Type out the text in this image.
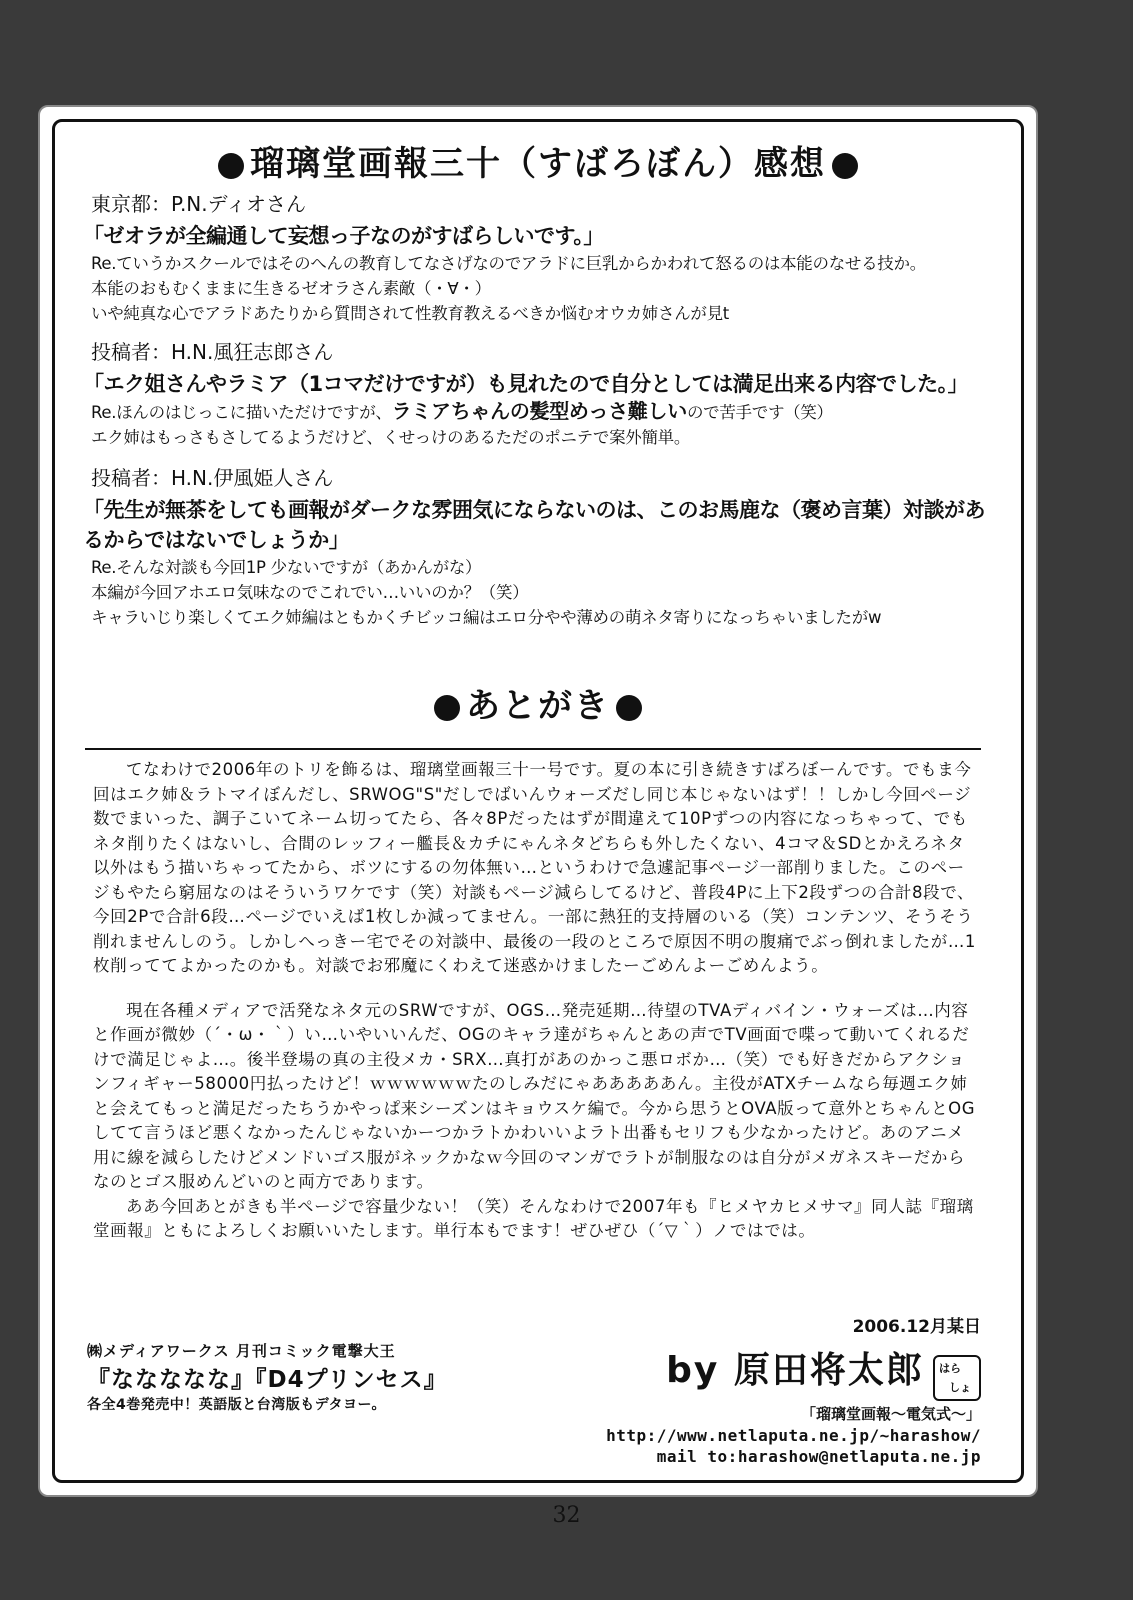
瑠璃堂画報三十（すばろぼん）感想
東京都：P.N.ディオさん
「ゼオラが全編通して妄想っ子なのがすばらしいです。」
Re.ていうかスクールではそのへんの教育してなさげなのでアラドに巨乳からかわれて怒るのは本能のなせる技か。
本能のおもむくままに生きるゼオラさん素敵（・∀・）
いや純真な心でアラドあたりから質問されて性教育教えるべきか悩むオウカ姉さんが見t
投稿者：H.N.風狂志郎さん
「エク姐さんやラミア（1コマだけですが）も見れたので自分としては満足出来る内容でした。」
Re.ほんのはじっこに描いただけですが、ラミアちゃんの髪型めっさ難しいので苦手です（笑）
エク姉はもっさもさしてるようだけど、くせっけのあるただのポニテで案外簡単。
投稿者：H.N.伊風姫人さん
「先生が無茶をしても画報がダークな雰囲気にならないのは、このお馬鹿な（褒め言葉）対談があるからではないでしょうか」
Re.そんな対談も今回1P 少ないですが（あかんがな）
本編が今回アホエロ気味なのでこれでい…いいのか？（笑）
キャラいじり楽しくてエク姉編はともかくチビッコ編はエロ分やや薄めの萌ネタ寄りになっちゃいましたがw
あとがき

てなわけで2006年のトリを飾るは、瑠璃堂画報三十一号です。夏の本に引き続きすばろぼーんです。でもま今回はエク姉＆ラトマイぼんだし、SRWOG"S"だしでばいんウォーズだし同じ本じゃないはず！！しかし今回ページ数でまいった、調子こいてネーム切ってたら、各々8Pだったはずが間違えて10Pずつの内容になっちゃって、でもネタ削りたくはないし、合間のレッフィー艦長＆カチにゃんネタどちらも外したくない、4コマ＆SDとかえろネタ以外はもう描いちゃってたから、ボツにするの勿体無い…というわけで急遽記事ページ一部削りました。このページもやたら窮屈なのはそういうワケです（笑）対談もページ減らしてるけど、普段4Pに上下2段ずつの合計8段で、今回2Pで合計6段…ページでいえば1枚しか減ってません。一部に熱狂的支持層のいる（笑）コンテンツ、そうそう削れませんしのう。しかしへっきー宅でその対談中、最後の一段のところで原因不明の腹痛でぶっ倒れましたが…1枚削っててよかったのかも。対談でお邪魔にくわえて迷惑かけましたーごめんよーごめんよう。

現在各種メディアで活発なネタ元のSRWですが、OGS…発売延期…待望のTVAディバイン・ウォーズは…内容と作画が微妙（´・ω・｀）い…いやいいんだ、OGのキャラ達がちゃんとあの声でTV画面で喋って動いてくれるだけで満足じゃよ…。後半登場の真の主役メカ・SRX…真打があのかっこ悪ロボか…（笑）でも好きだからアクションフィギャー58000円払ったけど！ｗｗｗｗｗｗたのしみだにゃあああああん。主役がATXチームなら毎週エク姉と会えてもっと満足だったちうかやっぱ来シーズンはキョウスケ編で。今から思うとOVA版って意外とちゃんとOGしてて言うほど悪くなかったんじゃないかーつかラトかわいいよラト出番もセリフも少なかったけど。あのアニメ用に線を減らしたけどメンドいゴス服がネックかなｗ今回のマンガでラトが制服なのは自分がメガネスキーだからなのとゴス服めんどいのと両方であります。

ああ今回あとがきも半ページで容量少ない！（笑）そんなわけで2007年も『ヒメヤカヒメサマ』同人誌『瑠璃堂画報』ともによろしくお願いいたします。単行本もでます！ぜひぜひ（´▽｀）ノではでは。

2006.12月某日
㈱メディアワークス 月刊コミック電撃大王
『ななななな』『D4プリンセス』
各全4巻発売中！英語版と台湾版もデタヨー。
by 原田将太郎 はら
しょ
「瑠璃堂画報～電気式～」
http://www.netlaputa.ne.jp/~harashow/
mail to:harashow@netlaputa.ne.jp
32
